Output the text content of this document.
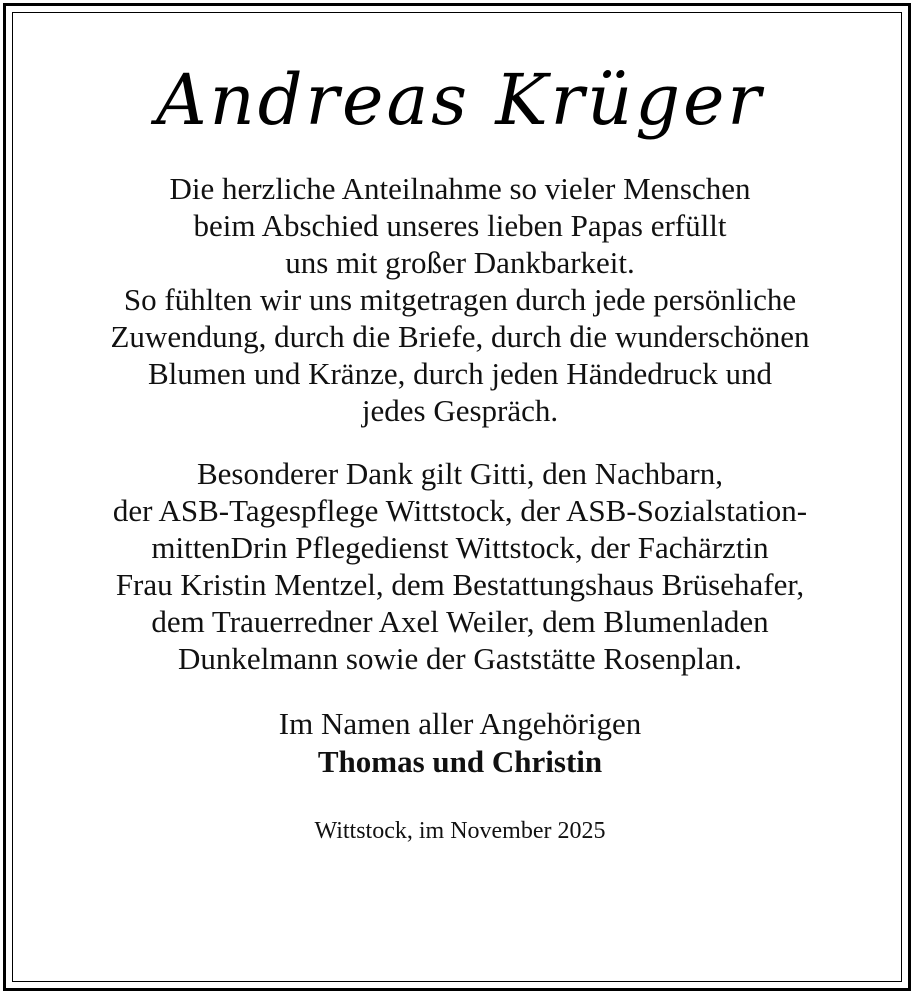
Andreas Krüger
Die herzliche Anteilnahme so vieler Menschen
beim Abschied unseres lieben Papas erfüllt
uns mit großer Dankbarkeit.
So fühlten wir uns mitgetragen durch jede persönliche
Zuwendung, durch die Briefe, durch die wunderschönen
Blumen und Kränze, durch jeden Händedruck und
jedes Gespräch.
Besonderer Dank gilt Gitti, den Nachbarn,
der ASB-Tagespflege Wittstock, der ASB-Sozialstation-
mittenDrin Pflegedienst Wittstock, der Fachärztin
Frau Kristin Mentzel, dem Bestattungshaus Brüsehafer,
dem Trauerredner Axel Weiler, dem Blumenladen
Dunkelmann sowie der Gaststätte Rosenplan.
Im Namen aller Angehörigen
Thomas und Christin
Wittstock, im November 2025
